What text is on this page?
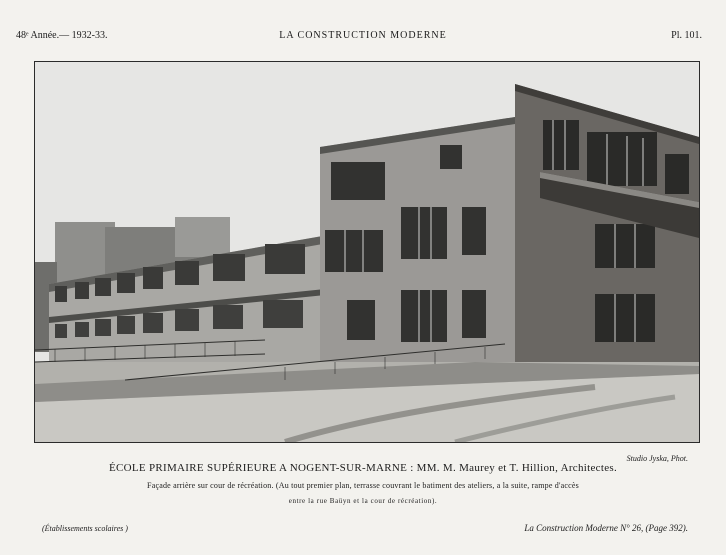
48ᵉ Année.— 1932-33.	LA CONSTRUCTION MODERNE	Pl. 101.
Studio Jyska, Phot.
ÉCOLE PRIMAIRE SUPÉRIEURE A NOGENT-SUR-MARNE : MM. M. Maurey et T. Hillion, Architectes.
Façade arrière sur cour de récréation. (Au tout premier plan, terrasse couvrant le batiment des ateliers, a la suite, rampe d'accès
entre la rue Baüyn et la cour de récréation).
(Établissements scolaires )	La Construction Moderne N° 26, (Page 392).
